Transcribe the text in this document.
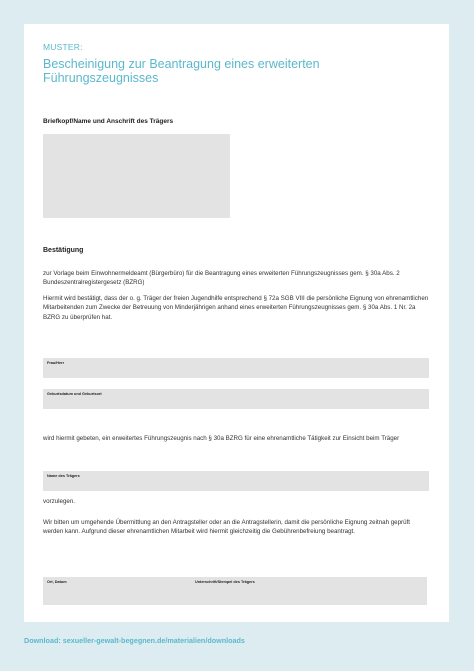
MUSTER:
Bescheinigung zur Beantragung eines erweiterten Führungszeugnisses
Briefkopf/Name und Anschrift des Trägers
Bestätigung
zur Vorlage beim Einwohnermeldeamt (Bürgerbüro) für die Beantragung eines erweiterten Führungszeugnisses gem. § 30a Abs. 2 Bundeszentralregistergesetz (BZRG)
Hiermit wird bestätigt, dass der o. g. Träger der freien Jugendhilfe entsprechend § 72a SGB VIII die persönliche Eignung von ehrenamtlichen Mitarbeitenden zum Zwecke der Betreuung von Minderjährigen anhand eines erweiterten Führungszeugnisses gem. § 30a Abs. 1 Nr. 2a BZRG zu überprüfen hat.
Frau/Herr
Geburtsdatum und Geburtsort
wird hiermit gebeten, ein erweitertes Führungszeugnis nach § 30a BZRG für eine ehrenamtliche Tätigkeit zur Einsicht beim Träger
Name des Trägers
vorzulegen.
Wir bitten um umgehende Übermittlung an den Antragsteller oder an die Antragstellerin, damit die persönliche Eignung zeitnah geprüft werden kann. Aufgrund dieser ehrenamtlichen Mitarbeit wird hiermit gleichzeitig die Gebührenbefreiung beantragt.
Ort, Datum	Unterschrift/Stempel des Trägers
Download: sexueller-gewalt-begegnen.de/materialien/downloads
